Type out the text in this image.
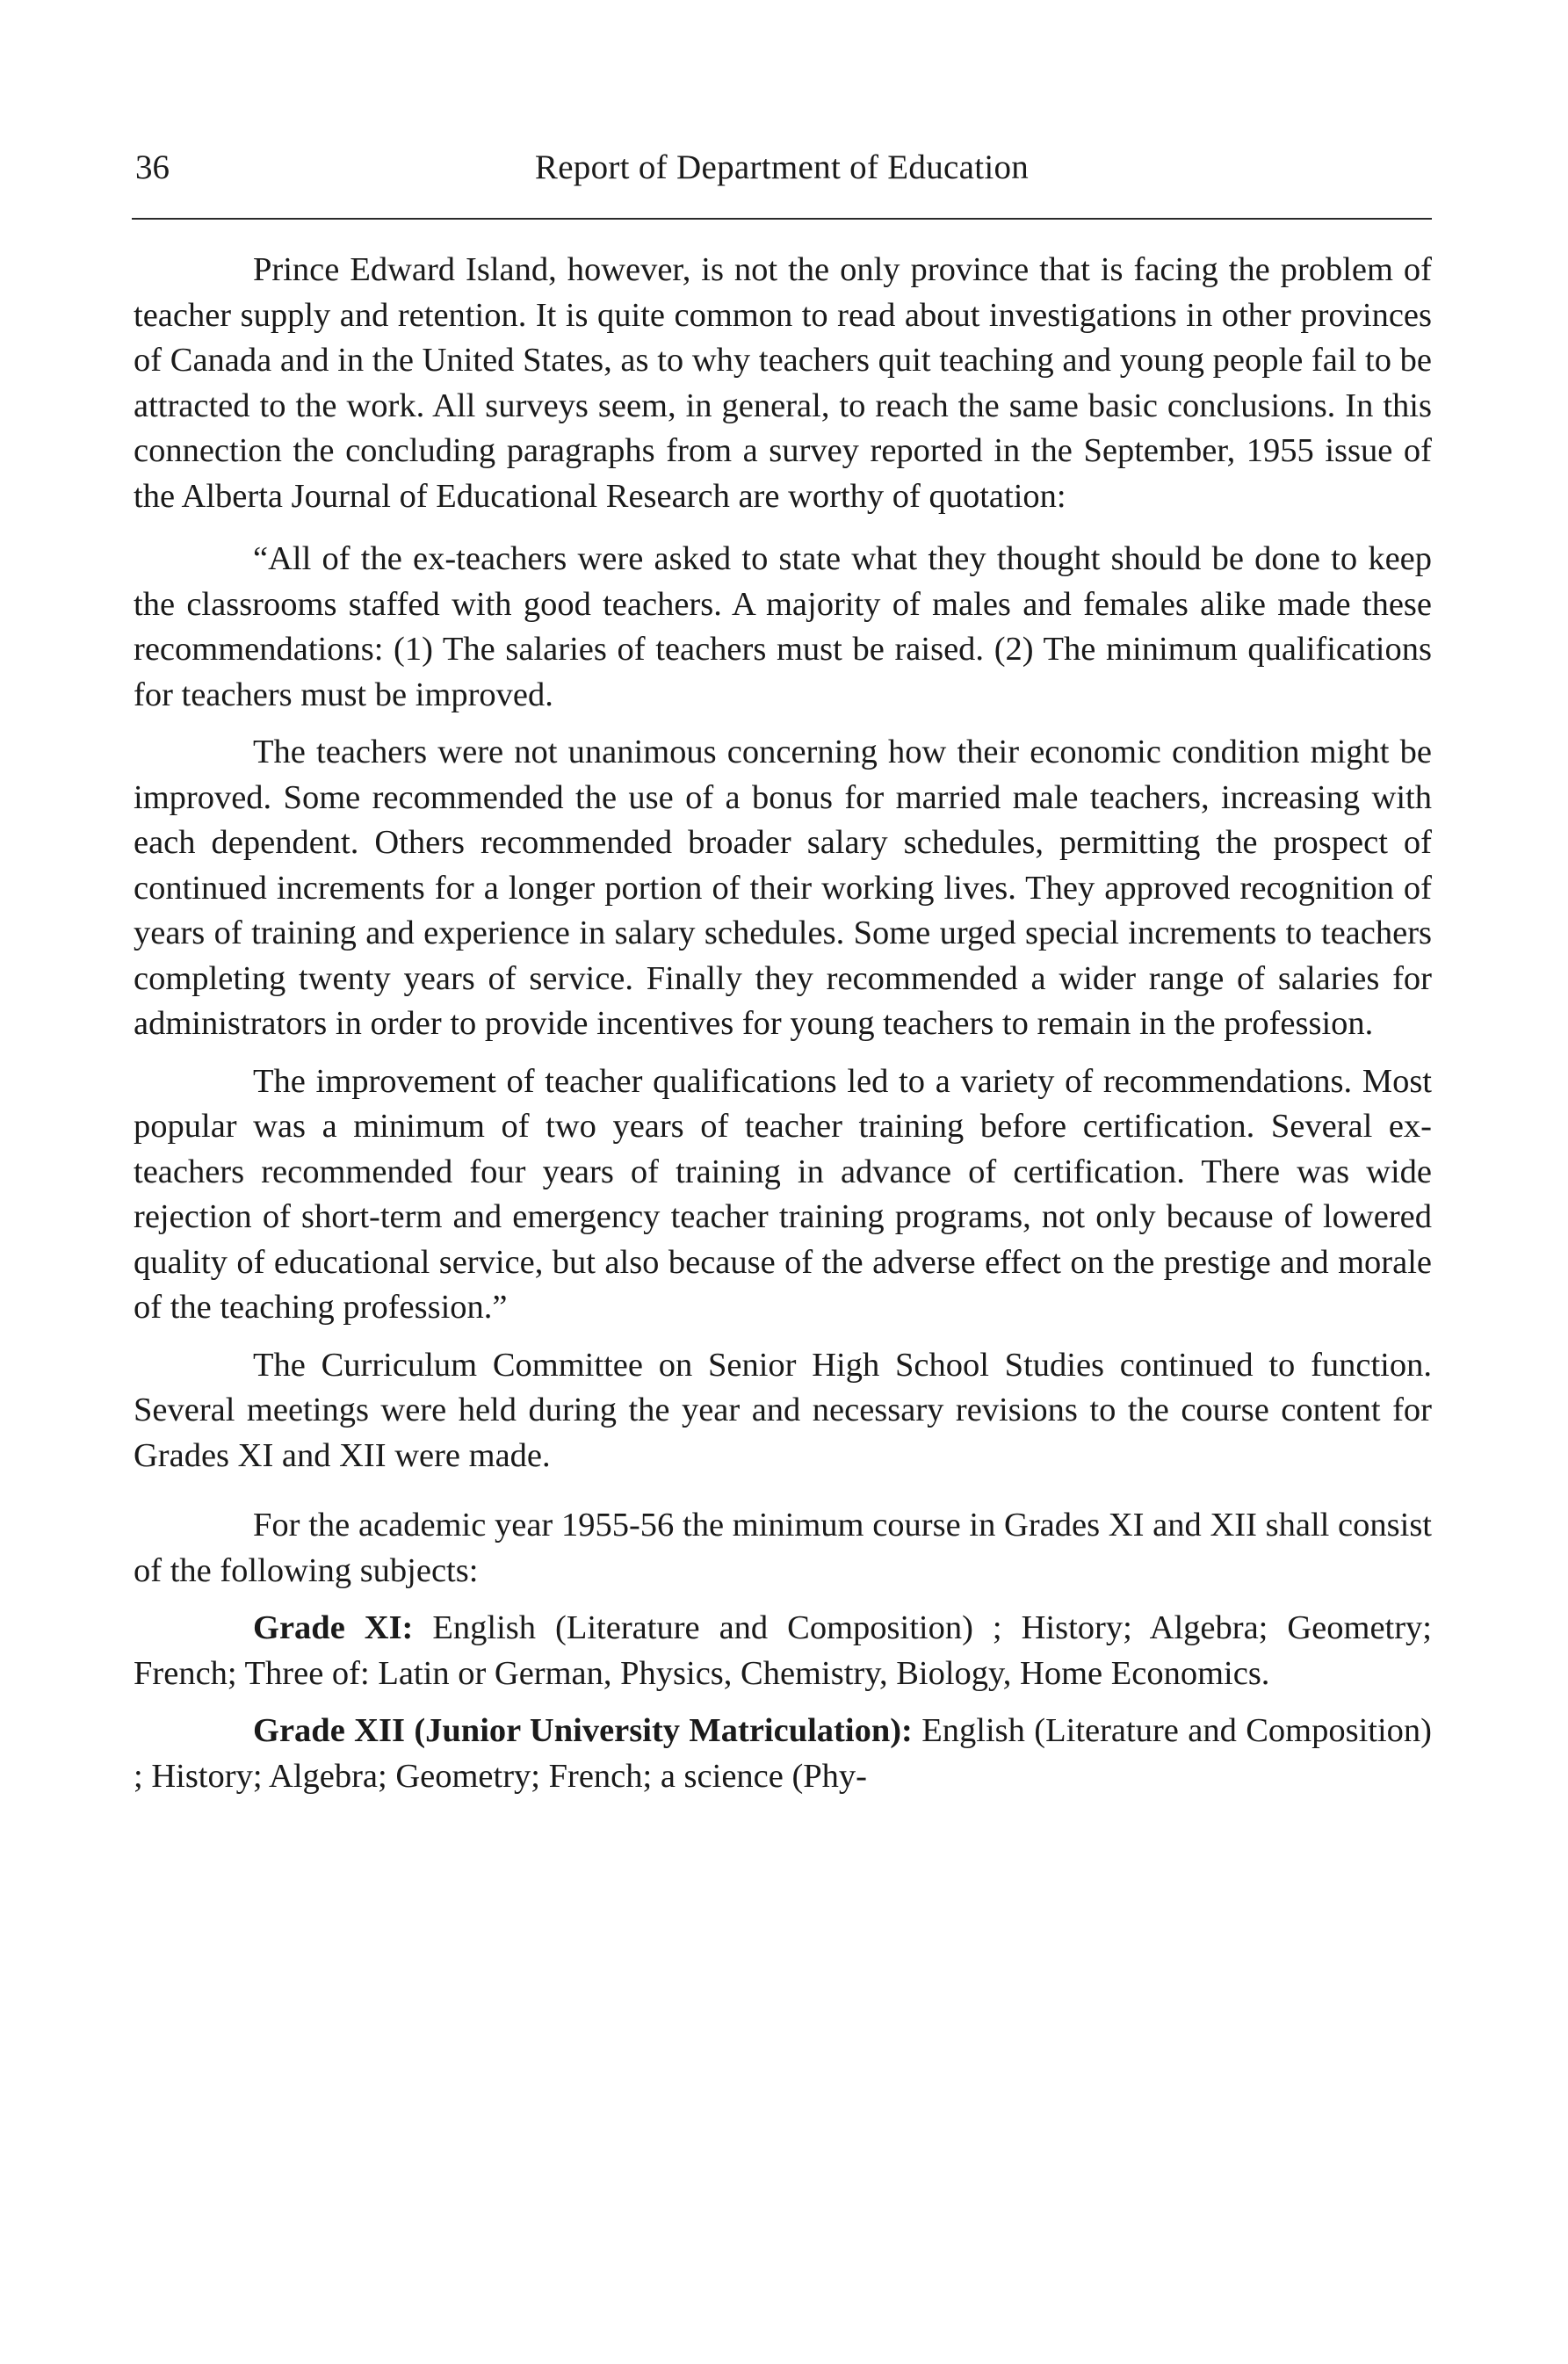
36	Report of Department of Education

Prince Edward Island, however, is not the only province that is facing the problem of teacher supply and retention. It is quite common to read about investigations in other provinces of Canada and in the United States, as to why teachers quit teaching and young people fail to be attracted to the work. All surveys seem, in general, to reach the same basic conclusions. In this connection the concluding paragraphs from a survey reported in the September, 1955 issue of the Alberta Journal of Educational Research are worthy of quotation:

“All of the ex-teachers were asked to state what they thought should be done to keep the classrooms staffed with good teachers. A majority of males and females alike made these recommendations: (1) The salaries of teachers must be raised. (2) The minimum qualifications for teachers must be improved.

The teachers were not unanimous concerning how their economic condition might be improved. Some recommended the use of a bonus for married male teachers, increasing with each dependent. Others recommended broader salary schedules, permitting the prospect of continued increments for a longer portion of their working lives. They approved recognition of years of training and experience in salary schedules. Some urged special increments to teachers completing twenty years of service. Finally they recommended a wider range of salaries for administrators in order to provide incentives for young teachers to remain in the profession.

The improvement of teacher qualifications led to a variety of recommendations. Most popular was a minimum of two years of teacher training before certification. Several ex-teachers recommended four years of training in advance of certification. There was wide rejection of short-term and emergency teacher training programs, not only because of lowered quality of educational service, but also because of the adverse effect on the prestige and morale of the teaching profession.”

The Curriculum Committee on Senior High School Studies continued to function. Several meetings were held during the year and necessary revisions to the course content for Grades XI and XII were made.

For the academic year 1955-56 the minimum course in Grades XI and XII shall consist of the following subjects:

Grade XI: English (Literature and Composition) ; History; Algebra; Geometry; French; Three of: Latin or German, Physics, Chemistry, Biology, Home Economics.

Grade XII (Junior University Matriculation): English (Literature and Composition) ; History; Algebra; Geometry; French; a science (Phy-
